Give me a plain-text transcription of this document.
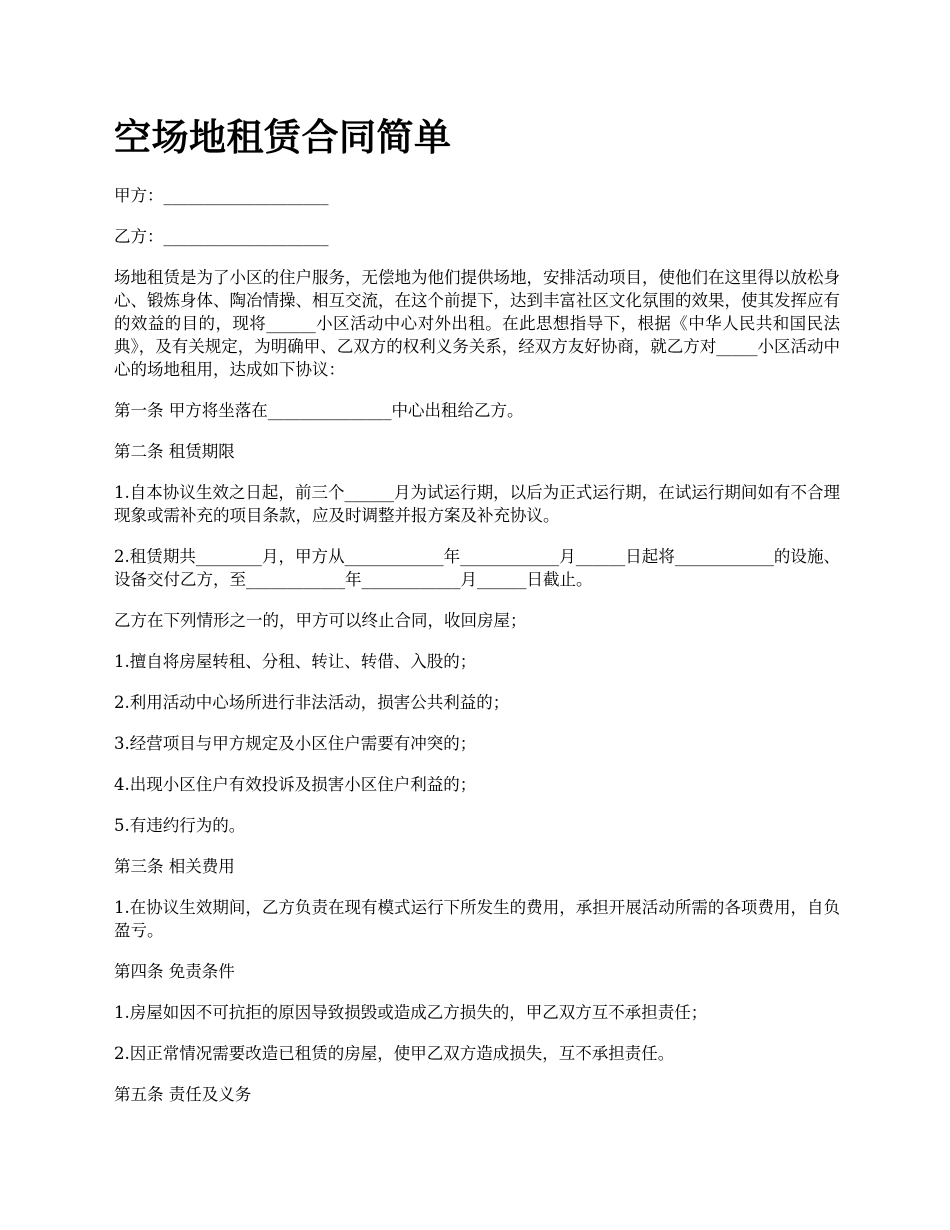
空场地租赁合同简单

甲方：____________________

乙方：____________________

场地租赁是为了小区的住户服务，无偿地为他们提供场地，安排活动项目，使他们在这里得以放松身心、锻炼身体、陶冶情操、相互交流，在这个前提下，达到丰富社区文化氛围的效果，使其发挥应有的效益的目的，现将______小区活动中心对外出租。在此思想指导下，根据《中华人民共和国民法典》，及有关规定，为明确甲、乙双方的权利义务关系，经双方友好协商，就乙方对_____小区活动中心的场地租用，达成如下协议：

第一条 甲方将坐落在_______________中心出租给乙方。

第二条 租赁期限

1.自本协议生效之日起，前三个______月为试运行期，以后为正式运行期，在试运行期间如有不合理现象或需补充的项目条款，应及时调整并报方案及补充协议。

2.租赁期共________月，甲方从____________年____________月______日起将____________的设施、设备交付乙方，至____________年____________月______日截止。

乙方在下列情形之一的，甲方可以终止合同，收回房屋；

1.擅自将房屋转租、分租、转让、转借、入股的；

2.利用活动中心场所进行非法活动，损害公共利益的；

3.经营项目与甲方规定及小区住户需要有冲突的；

4.出现小区住户有效投诉及损害小区住户利益的；

5.有违约行为的。

第三条 相关费用

1.在协议生效期间，乙方负责在现有模式运行下所发生的费用，承担开展活动所需的各项费用，自负盈亏。

第四条 免责条件

1.房屋如因不可抗拒的原因导致损毁或造成乙方损失的，甲乙双方互不承担责任；

2.因正常情况需要改造已租赁的房屋，使甲乙双方造成损失，互不承担责任。

第五条 责任及义务
